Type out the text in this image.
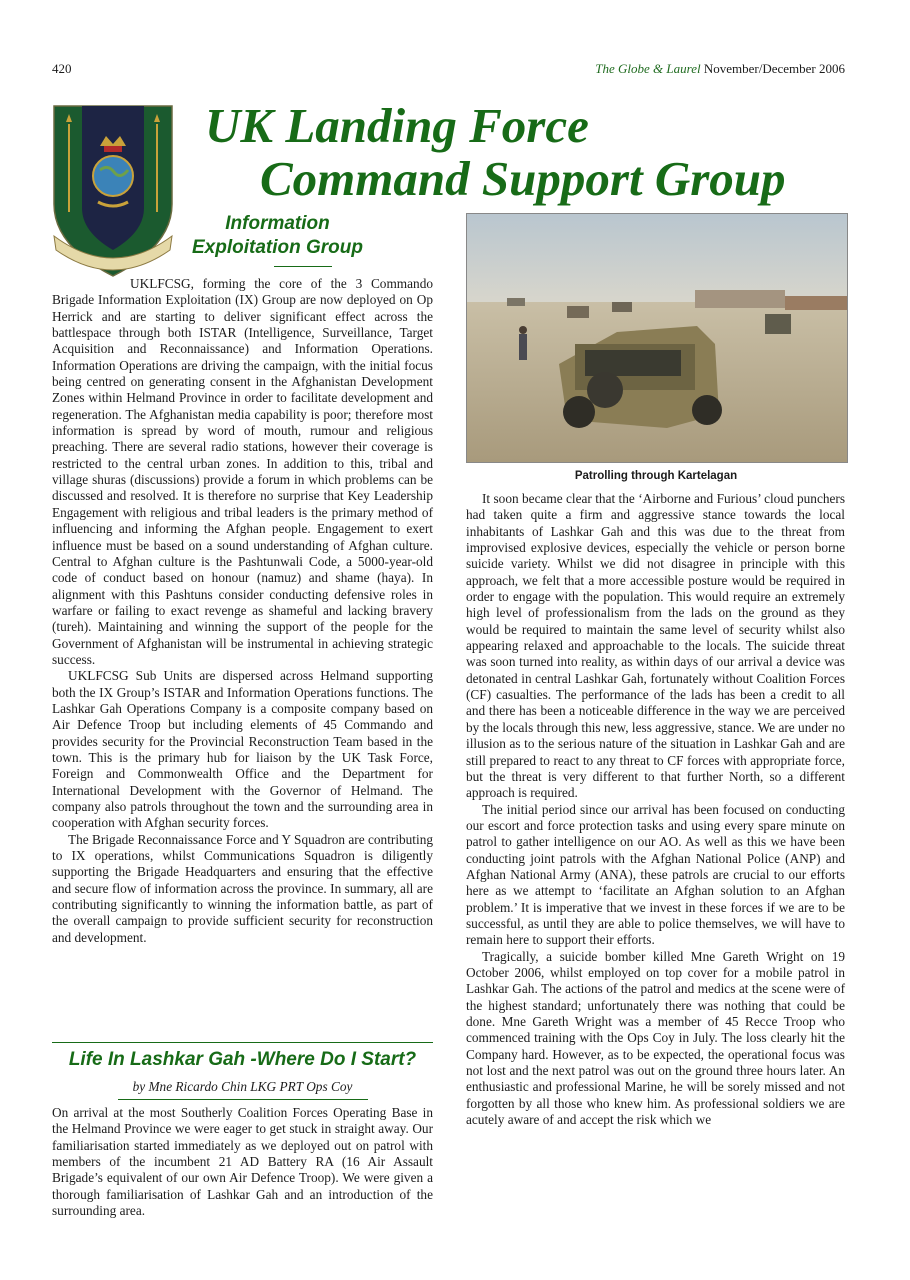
420	The Globe & Laurel November/December 2006
UK Landing Force
Command Support Group
Information Exploitation Group

UKLFCSG, forming the core of the 3 Commando Brigade Information Exploitation (IX) Group are now deployed on Op Herrick and are starting to deliver significant effect across the battlespace through both ISTAR (Intelligence, Surveillance, Target Acquisition and Reconnaissance) and Information Operations. Information Operations are driving the campaign, with the initial focus being centred on generating consent in the Afghanistan Development Zones within Helmand Province in order to facilitate development and regeneration. The Afghanistan media capability is poor; therefore most information is spread by word of mouth, rumour and religious preaching. There are several radio stations, however their coverage is restricted to the central urban zones. In addition to this, tribal and village shuras (discussions) provide a forum in which problems can be discussed and resolved. It is therefore no surprise that Key Leadership Engagement with religious and tribal leaders is the primary method of influencing and informing the Afghan people. Engagement to exert influence must be based on a sound understanding of Afghan culture. Central to Afghan culture is the Pashtunwali Code, a 5000-year-old code of conduct based on honour (namuz) and shame (haya). In alignment with this Pashtuns consider conducting defensive roles in warfare or failing to exact revenge as shameful and lacking bravery (tureh). Maintaining and winning the support of the people for the Government of Afghanistan will be instrumental in achieving strategic success.

UKLFCSG Sub Units are dispersed across Helmand supporting both the IX Group’s ISTAR and Information Operations functions. The Lashkar Gah Operations Company is a composite company based on Air Defence Troop but including elements of 45 Commando and provides security for the Provincial Reconstruction Team based in the town. This is the primary hub for liaison by the UK Task Force, Foreign and Commonwealth Office and the Department for International Development with the Governor of Helmand. The company also patrols throughout the town and the surrounding area in cooperation with Afghan security forces.

The Brigade Reconnaissance Force and Y Squadron are contributing to IX operations, whilst Communications Squadron is diligently supporting the Brigade Headquarters and ensuring that the effective and secure flow of information across the province. In summary, all are contributing significantly to winning the information battle, as part of the overall campaign to provide sufficient security for reconstruction and development.

Life In Lashkar Gah -Where Do I Start?
by Mne Ricardo Chin LKG PRT Ops Coy

On arrival at the most Southerly Coalition Forces Operating Base in the Helmand Province we were eager to get stuck in straight away. Our familiarisation started immediately as we deployed out on patrol with members of the incumbent 21 AD Battery RA (16 Air Assault Brigade’s equivalent of our own Air Defence Troop). We were given a thorough familiarisation of Lashkar Gah and an introduction of the surrounding area.

Patrolling through Kartelagan

It soon became clear that the ‘Airborne and Furious’ cloud punchers had taken quite a firm and aggressive stance towards the local inhabitants of Lashkar Gah and this was due to the threat from improvised explosive devices, especially the vehicle or person borne suicide variety. Whilst we did not disagree in principle with this approach, we felt that a more accessible posture would be required in order to engage with the population. This would require an extremely high level of professionalism from the lads on the ground as they would be required to maintain the same level of security whilst also appearing relaxed and approachable to the locals. The suicide threat was soon turned into reality, as within days of our arrival a device was detonated in central Lashkar Gah, fortunately without Coalition Forces (CF) casualties. The performance of the lads has been a credit to all and there has been a noticeable difference in the way we are perceived by the locals through this new, less aggressive, stance. We are under no illusion as to the serious nature of the situation in Lashkar Gah and are still prepared to react to any threat to CF forces with appropriate force, but the threat is very different to that further North, so a different approach is required.

The initial period since our arrival has been focused on conducting our escort and force protection tasks and using every spare minute on patrol to gather intelligence on our AO. As well as this we have been conducting joint patrols with the Afghan National Police (ANP) and Afghan National Army (ANA), these patrols are crucial to our efforts here as we attempt to ‘facilitate an Afghan solution to an Afghan problem.’ It is imperative that we invest in these forces if we are to be successful, as until they are able to police themselves, we will have to remain here to support their efforts.

Tragically, a suicide bomber killed Mne Gareth Wright on 19 October 2006, whilst employed on top cover for a mobile patrol in Lashkar Gah. The actions of the patrol and medics at the scene were of the highest standard; unfortunately there was nothing that could be done. Mne Gareth Wright was a member of 45 Recce Troop who commenced training with the Ops Coy in July. The loss clearly hit the Company hard. However, as to be expected, the operational focus was not lost and the next patrol was out on the ground three hours later. An enthusiastic and professional Marine, he will be sorely missed and not forgotten by all those who knew him. As professional soldiers we are acutely aware of and accept the risk which we
